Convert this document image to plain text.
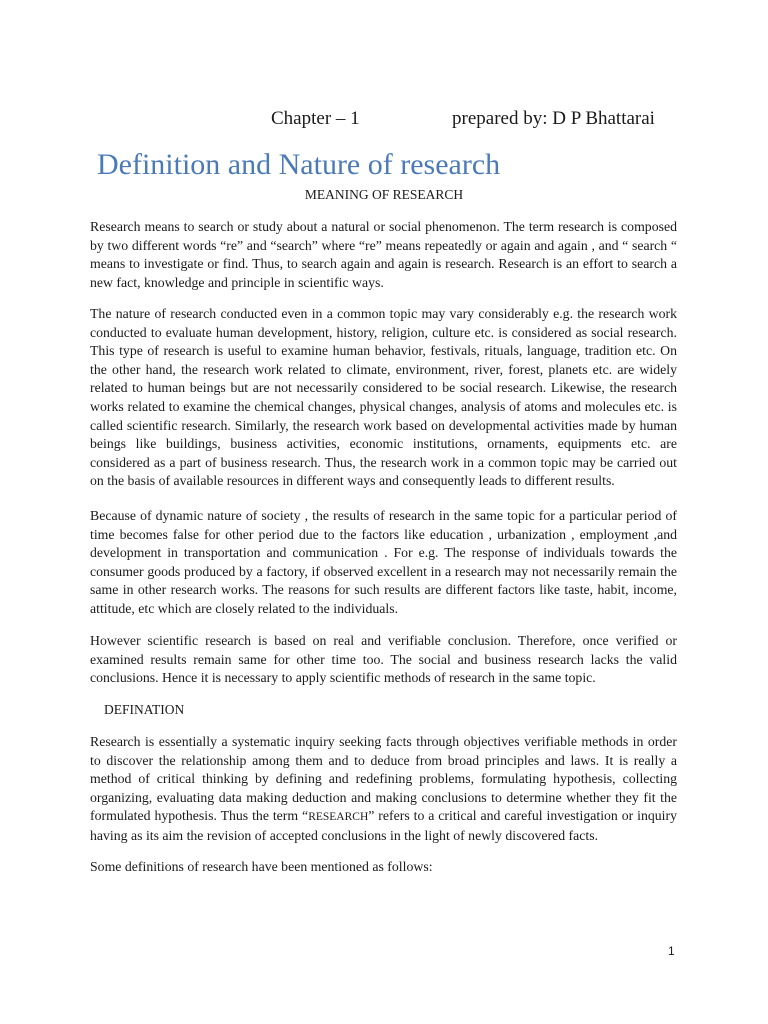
Chapter – 1	prepared by: D P Bhattarai
Definition and Nature of research
MEANING OF RESEARCH

Research means to search or study about a natural or social phenomenon. The term research is composed by two different words “re” and “search” where “re” means repeatedly or again and again , and “ search “ means to investigate or find. Thus, to search again and again is research. Research is an effort to search a new fact, knowledge and principle in scientific ways.

The nature of research conducted even in a common topic may vary considerably e.g. the research work conducted to evaluate human development, history, religion, culture etc. is considered as social research. This type of research is useful to examine human behavior, festivals, rituals, language, tradition etc. On the other hand, the research work related to climate, environment, river, forest, planets etc. are widely related to human beings but are not necessarily considered to be social research. Likewise, the research works related to examine the chemical changes, physical changes, analysis of atoms and molecules etc. is called scientific research. Similarly, the research work based on developmental activities made by human beings like buildings, business activities, economic institutions, ornaments, equipments etc. are considered as a part of business research. Thus, the research work in a common topic may be carried out on the basis of available resources in different ways and consequently leads to different results.

Because of dynamic nature of society , the results of research in the same topic for a particular period of time becomes false for other period due to the factors like education , urbanization , employment ,and development in transportation and communication . For e.g. The response of individuals towards the consumer goods produced by a factory, if observed excellent in a research may not necessarily remain the same in other research works. The reasons for such results are different factors like taste, habit, income, attitude, etc which are closely related to the individuals.

However scientific research is based on real and verifiable conclusion. Therefore, once verified or examined results remain same for other time too. The social and business research lacks the valid conclusions. Hence it is necessary to apply scientific methods of research in the same topic.

DEFINATION

Research is essentially a systematic inquiry seeking facts through objectives verifiable methods in order to discover the relationship among them and to deduce from broad principles and laws. It is really a method of critical thinking by defining and redefining problems, formulating hypothesis, collecting organizing, evaluating data making deduction and making conclusions to determine whether they fit the formulated hypothesis. Thus the term “RESEARCH” refers to a critical and careful investigation or inquiry having as its aim the revision of accepted conclusions in the light of newly discovered facts.

Some definitions of research have been mentioned as follows:

1
